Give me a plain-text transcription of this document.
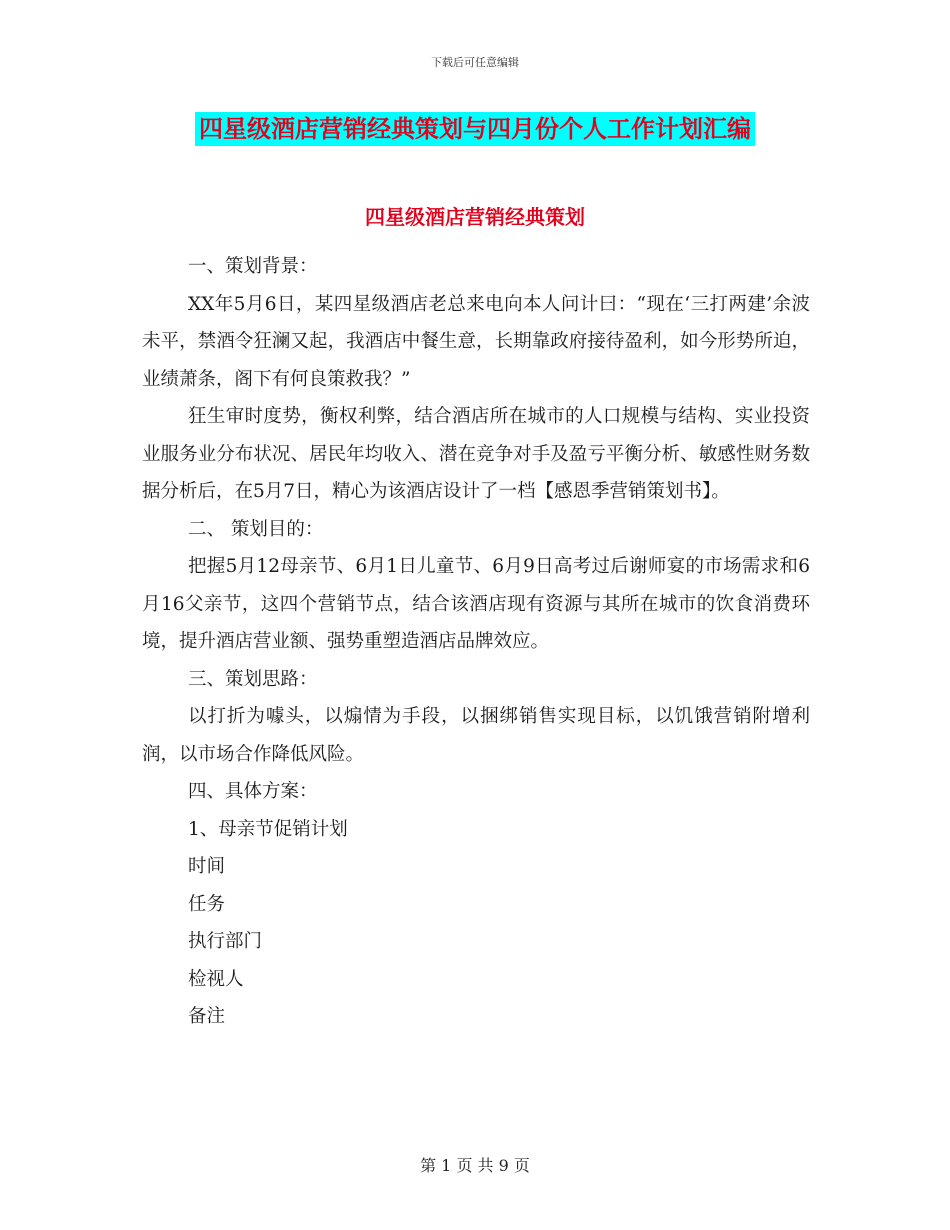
下载后可任意编辑
四星级酒店营销经典策划与四月份个人工作计划汇编
四星级酒店营销经典策划

一、策划背景：

XX年5月6日，某四星级酒店老总来电向本人问计曰：“现在‘三打两建’余波未平，禁酒令狂澜又起，我酒店中餐生意，长期靠政府接待盈利，如今形势所迫，业绩萧条，阁下有何良策救我？”

狂生审时度势，衡权利弊，结合酒店所在城市的人口规模与结构、实业投资业服务业分布状况、居民年均收入、潜在竞争对手及盈亏平衡分析、敏感性财务数据分析后，在5月7日，精心为该酒店设计了一档【感恩季营销策划书】。

二、 策划目的：

把握5月12母亲节、6月1日儿童节、6月9日高考过后谢师宴的市场需求和6月16父亲节，这四个营销节点，结合该酒店现有资源与其所在城市的饮食消费环境，提升酒店营业额、强势重塑造酒店品牌效应。

三、策划思路：

以打折为噱头，以煽情为手段，以捆绑销售实现目标，以饥饿营销附增利润，以市场合作降低风险。

四、具体方案：

1、母亲节促销计划

时间

任务

执行部门

检视人

备注

第 1 页 共 9 页
